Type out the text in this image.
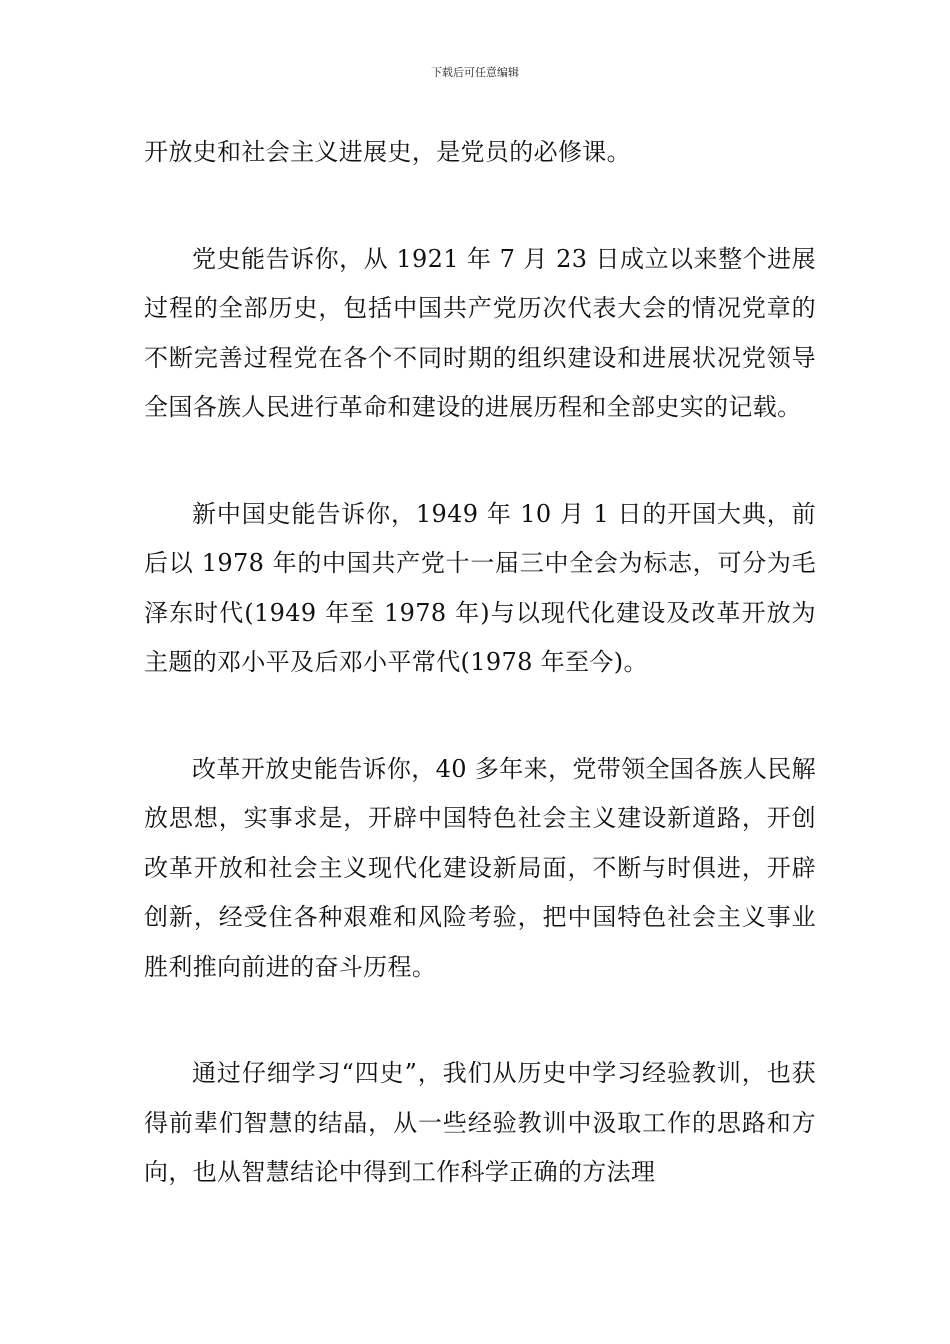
下载后可任意编辑

开放史和社会主义进展史，是党员的必修课。

党史能告诉你，从 1921 年 7 月 23 日成立以来整个进展过程的全部历史，包括中国共产党历次代表大会的情况党章的不断完善过程党在各个不同时期的组织建设和进展状况党领导全国各族人民进行革命和建设的进展历程和全部史实的记载。

新中国史能告诉你，1949 年 10 月 1 日的开国大典，前后以 1978 年的中国共产党十一届三中全会为标志，可分为毛泽东时代(1949 年至 1978 年)与以现代化建设及改革开放为主题的邓小平及后邓小平常代(1978 年至今)。

改革开放史能告诉你，40 多年来，党带领全国各族人民解放思想，实事求是，开辟中国特色社会主义建设新道路，开创改革开放和社会主义现代化建设新局面，不断与时俱进，开辟创新，经受住各种艰难和风险考验，把中国特色社会主义事业胜利推向前进的奋斗历程。

通过仔细学习“四史”，我们从历史中学习经验教训，也获得前辈们智慧的结晶，从一些经验教训中汲取工作的思路和方向，也从智慧结论中得到工作科学正确的方法理
